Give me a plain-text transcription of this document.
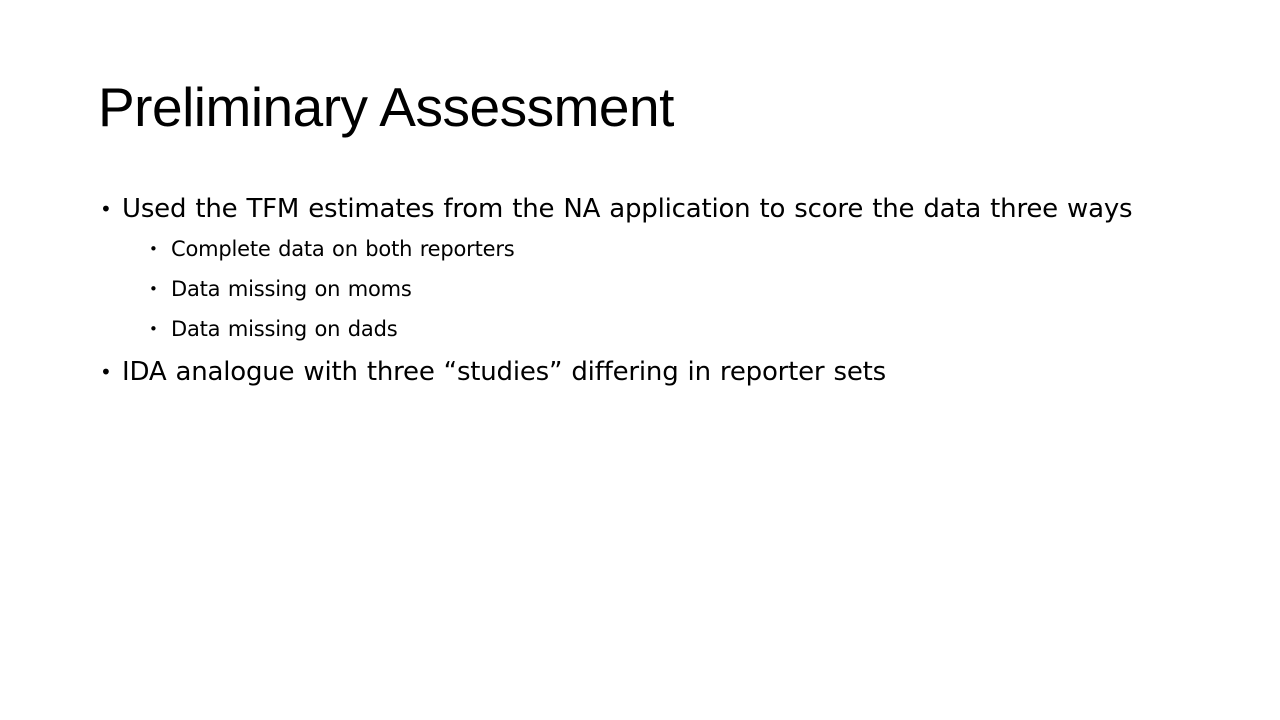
Preliminary Assessment
• Used the TFM estimates from the NA application to score the data three ways
• Complete data on both reporters
• Data missing on moms
• Data missing on dads
• IDA analogue with three “studies” differing in reporter sets
